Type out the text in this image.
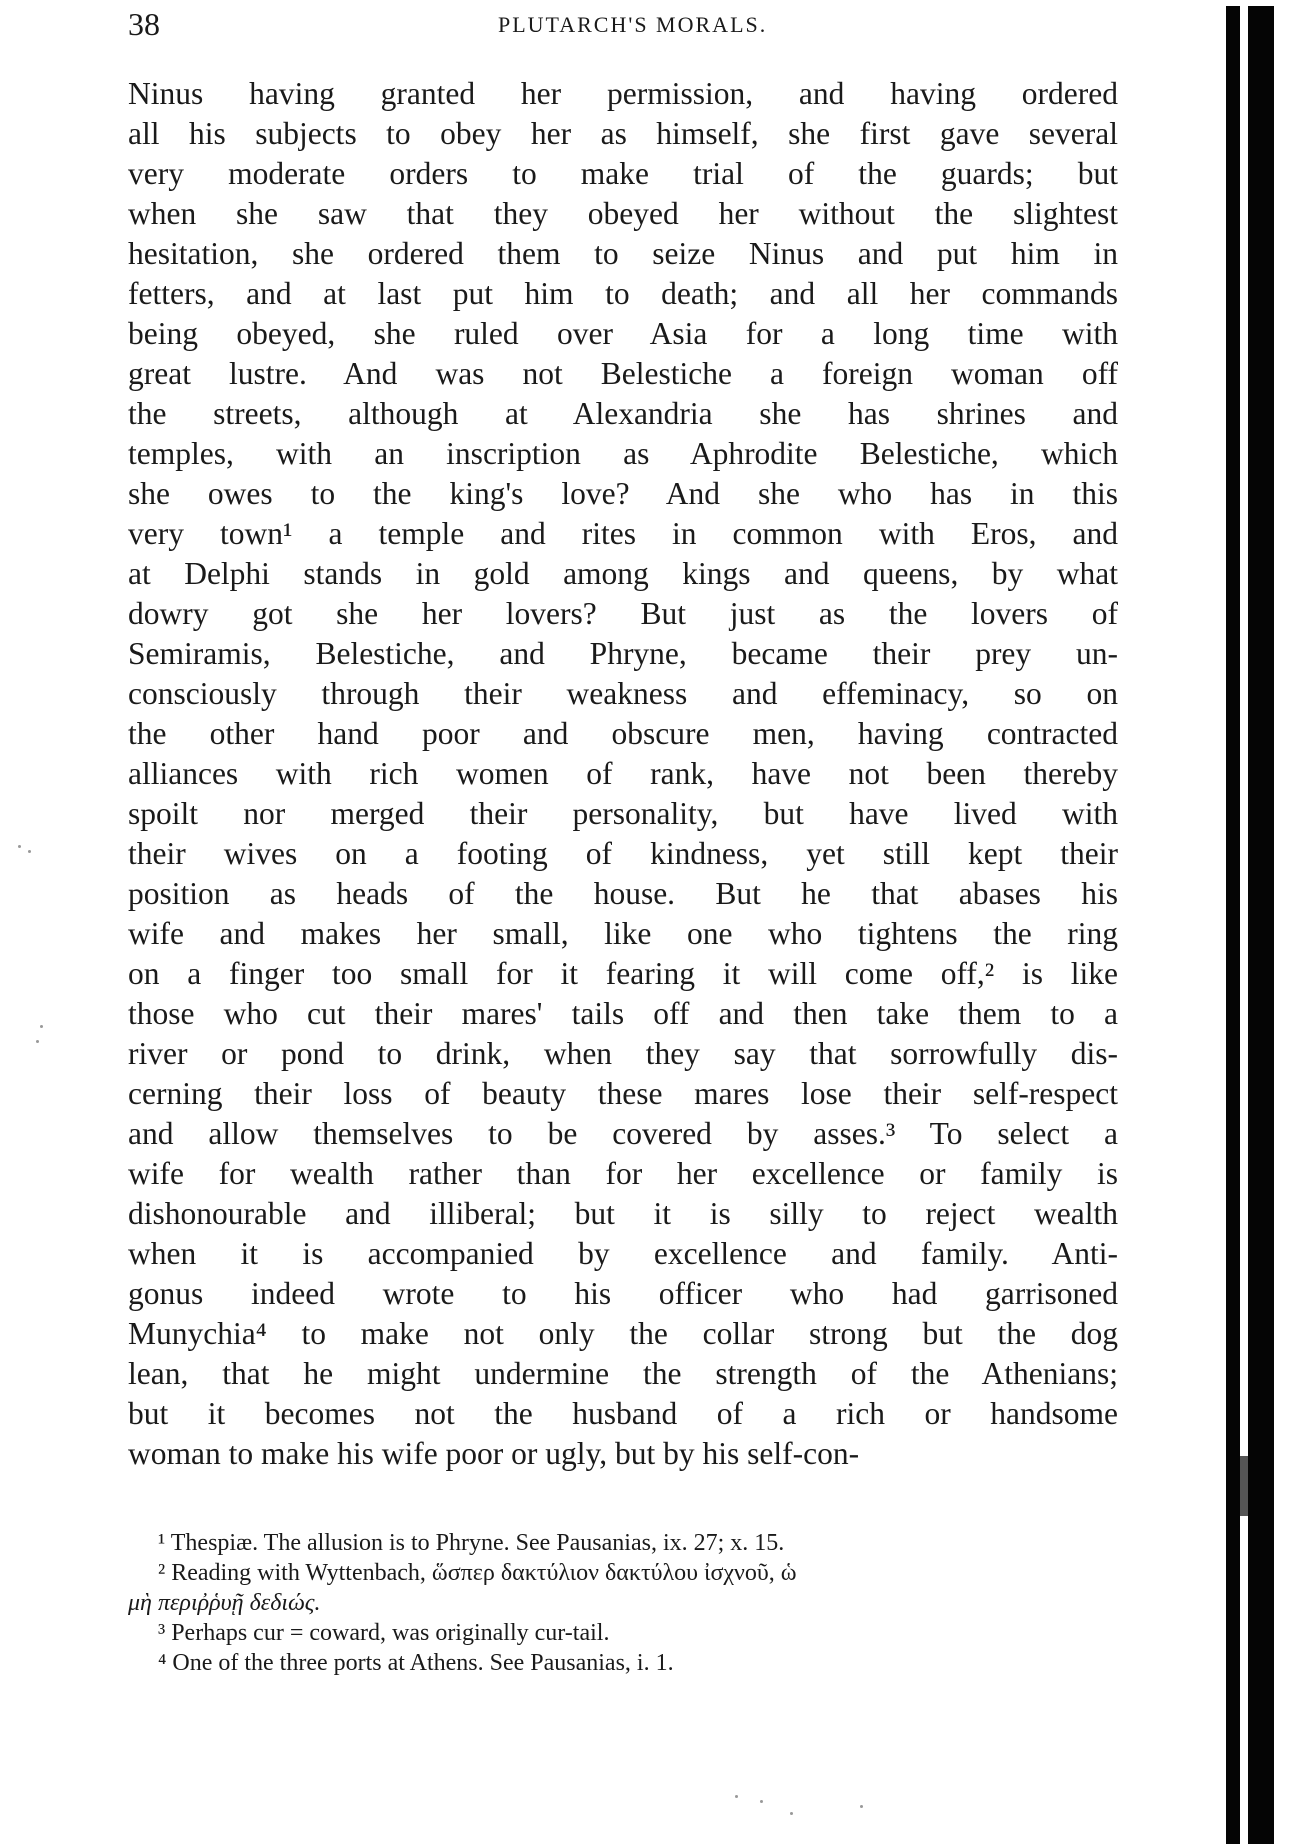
38	PLUTARCH'S MORALS.
Ninus having granted her permission, and having ordered
all his subjects to obey her as himself, she first gave several
very moderate orders to make trial of the guards; but
when she saw that they obeyed her without the slightest
hesitation, she ordered them to seize Ninus and put him in
fetters, and at last put him to death; and all her commands
being obeyed, she ruled over Asia for a long time with
great lustre. And was not Belestiche a foreign woman off
the streets, although at Alexandria she has shrines and
temples, with an inscription as Aphrodite Belestiche, which
she owes to the king's love? And she who has in this
very town¹ a temple and rites in common with Eros, and
at Delphi stands in gold among kings and queens, by what
dowry got she her lovers? But just as the lovers of
Semiramis, Belestiche, and Phryne, became their prey un-
consciously through their weakness and effeminacy, so on
the other hand poor and obscure men, having contracted
alliances with rich women of rank, have not been thereby
spoilt nor merged their personality, but have lived with
their wives on a footing of kindness, yet still kept their
position as heads of the house. But he that abases his
wife and makes her small, like one who tightens the ring
on a finger too small for it fearing it will come off,² is like
those who cut their mares' tails off and then take them to a
river or pond to drink, when they say that sorrowfully dis-
cerning their loss of beauty these mares lose their self-respect
and allow themselves to be covered by asses.³ To select a
wife for wealth rather than for her excellence or family is
dishonourable and illiberal; but it is silly to reject wealth
when it is accompanied by excellence and family. Anti-
gonus indeed wrote to his officer who had garrisoned
Munychia⁴ to make not only the collar strong but the dog
lean, that he might undermine the strength of the Athenians;
but it becomes not the husband of a rich or handsome
woman to make his wife poor or ugly, but by his self-con-
¹ Thespiæ. The allusion is to Phryne. See Pausanias, ix. 27; x. 15.
² Reading with Wyttenbach, ὥσπερ δακτύλιον δακτύλου ἰσχνοῦ, ὡ
μὴ περιῤῥυῇ δεδιώς.
³ Perhaps cur = coward, was originally cur-tail.
⁴ One of the three ports at Athens. See Pausanias, i. 1.
